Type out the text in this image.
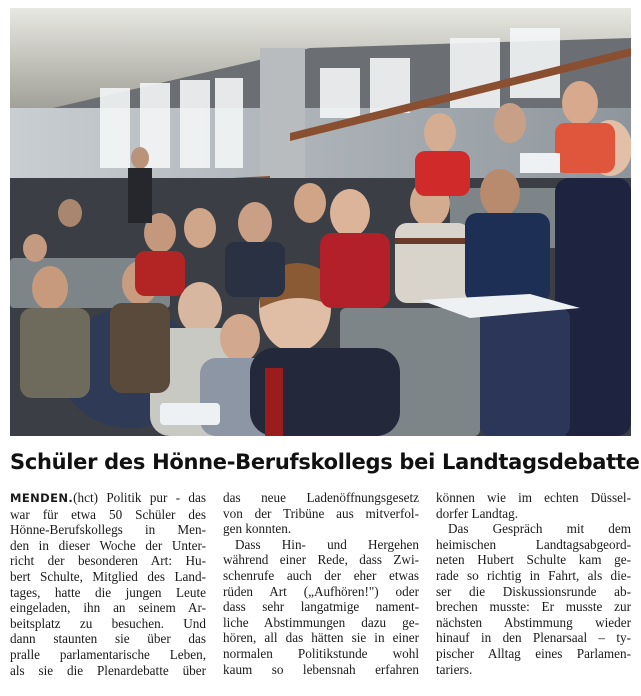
Schüler des Hönne-Berufskollegs bei Landtagsdebatte
MENDEN.(hct) Politik pur - das
war für etwa 50 Schüler des
Hönne-Berufskollegs in Men-
den in dieser Woche der Unter-
richt der besonderen Art: Hu-
bert Schulte, Mitglied des Land-
tages, hatte die jungen Leute
eingeladen, ihn an seinem Ar-
beitsplatz zu besuchen. Und
dann staunten sie über das
pralle parlamentarische Leben,
als sie die Plenardebatte über
das neue Ladenöffnungsgesetz
von der Tribüne aus mitverfol-
gen konnten.
Dass Hin- und Hergehen
während einer Rede, dass Zwi-
schenrufe auch der eher etwas
rüden Art („Aufhören!") oder
dass sehr langatmige nament-
liche Abstimmungen dazu ge-
hören, all das hätten sie in einer
normalen Politikstunde wohl
kaum so lebensnah erfahren
können wie im echten Düssel-
dorfer Landtag.
Das Gespräch mit dem
heimischen Landtagsabgeord-
neten Hubert Schulte kam ge-
rade so richtig in Fahrt, als die-
ser die Diskussionsrunde ab-
brechen musste: Er musste zur
nächsten Abstimmung wieder
hinauf in den Plenarsaal – ty-
pischer Alltag eines Parlamen-
tariers.
